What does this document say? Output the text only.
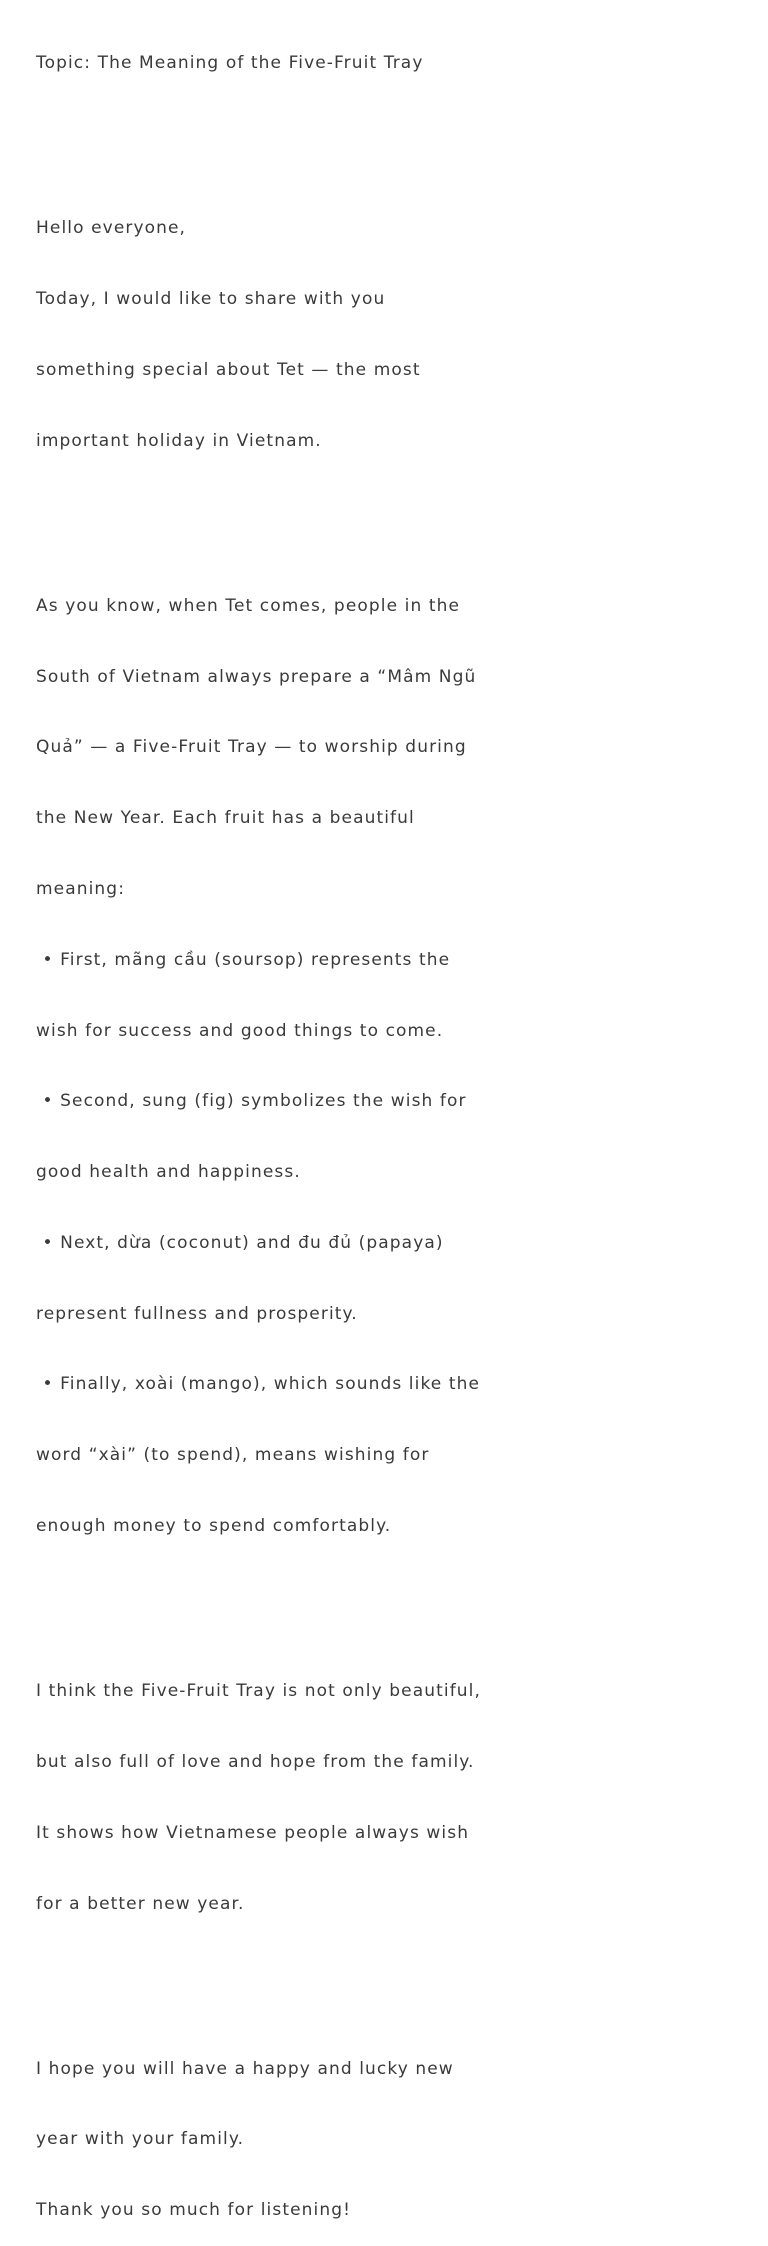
Topic: The Meaning of the Five-Fruit Tray

Hello everyone,

Today, I would like to share with you

something special about Tet — the most

important holiday in Vietnam.

As you know, when Tet comes, people in the

South of Vietnam always prepare a “Mâm Ngũ

Quả” — a Five-Fruit Tray — to worship during

the New Year. Each fruit has a beautiful

meaning:

• First, mãng cầu (soursop) represents the

wish for success and good things to come.

• Second, sung (fig) symbolizes the wish for

good health and happiness.

• Next, dừa (coconut) and đu đủ (papaya)

represent fullness and prosperity.

• Finally, xoài (mango), which sounds like the

word “xài” (to spend), means wishing for

enough money to spend comfortably.

I think the Five-Fruit Tray is not only beautiful,

but also full of love and hope from the family.

It shows how Vietnamese people always wish

for a better new year.

I hope you will have a happy and lucky new

year with your family.

Thank you so much for listening!
